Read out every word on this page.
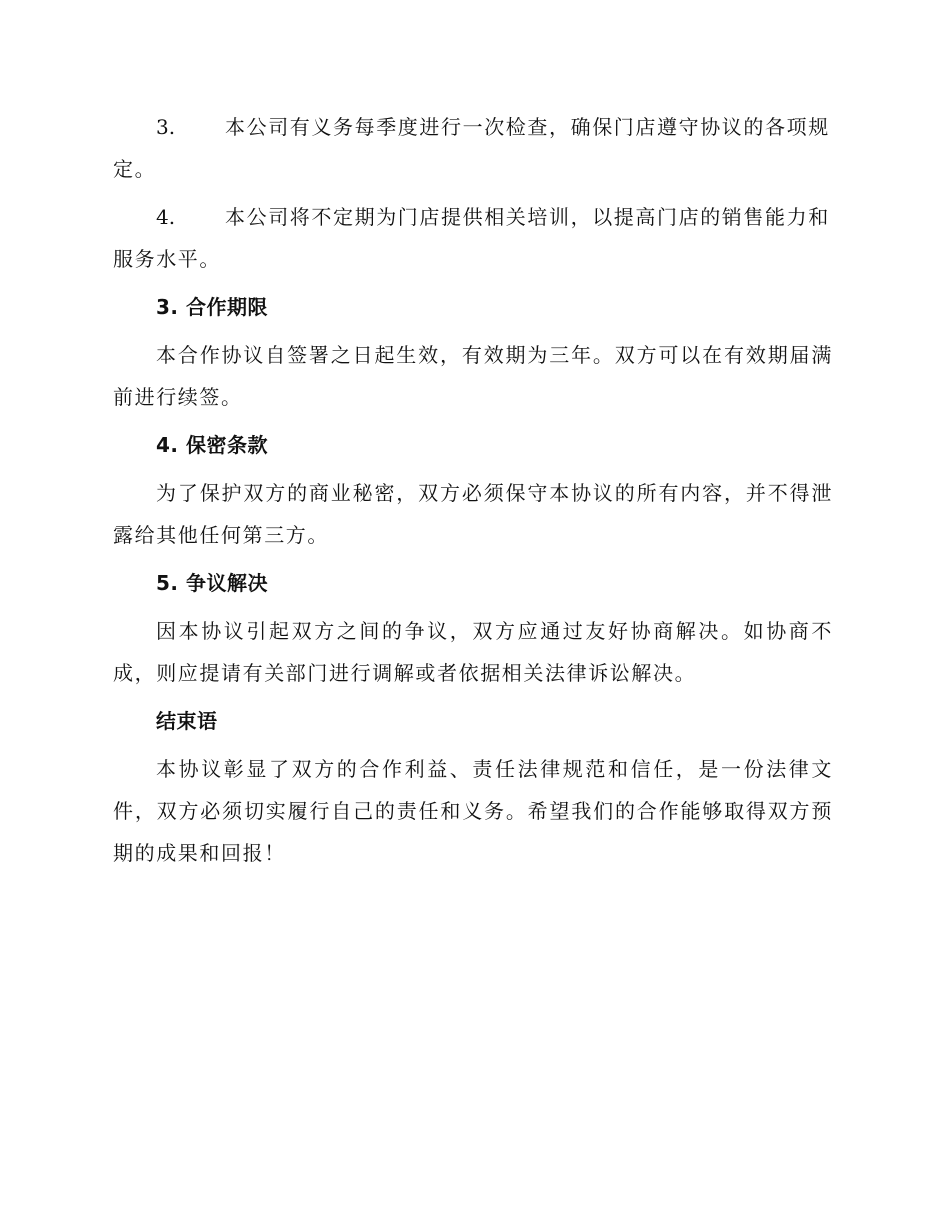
3. 本公司有义务每季度进行一次检查，确保门店遵守协议的各项规定。
4. 本公司将不定期为门店提供相关培训，以提高门店的销售能力和服务水平。
3. 合作期限
本合作协议自签署之日起生效，有效期为三年。双方可以在有效期届满前进行续签。
4. 保密条款
为了保护双方的商业秘密，双方必须保守本协议的所有内容，并不得泄露给其他任何第三方。
5. 争议解决
因本协议引起双方之间的争议，双方应通过友好协商解决。如协商不成，则应提请有关部门进行调解或者依据相关法律诉讼解决。
结束语
本协议彰显了双方的合作利益、责任法律规范和信任，是一份法律文件，双方必须切实履行自己的责任和义务。希望我们的合作能够取得双方预期的成果和回报！
